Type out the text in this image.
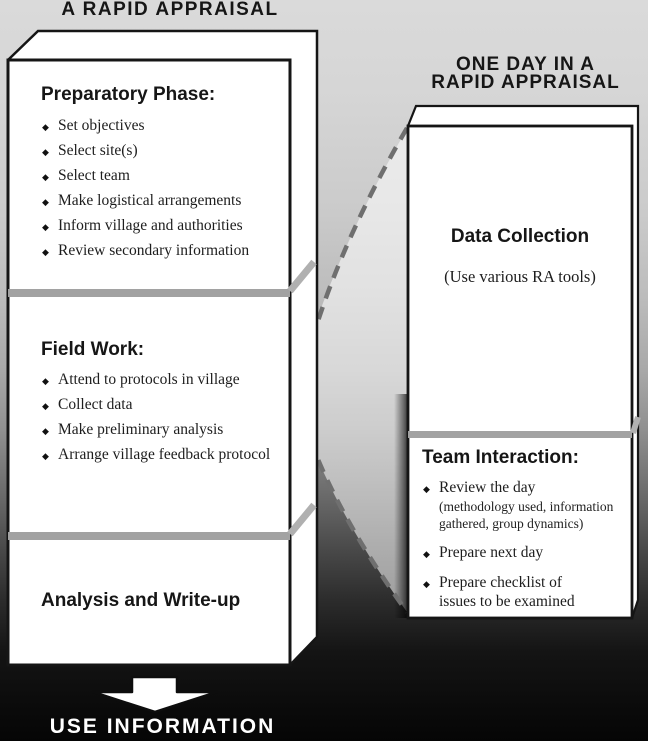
A RAPID APPRAISAL
Preparatory Phase:
◆
Set objectives
◆
Select site(s)
◆
Select team
◆
Make logistical arrangements
◆
Inform village and authorities
◆
Review secondary information
Field Work:
◆
Attend to protocols in village
◆
Collect data
◆
Make preliminary analysis
◆
Arrange village feedback protocol
Analysis and Write-up
ONE DAY IN A
RAPID APPRAISAL
Data Collection
(Use various RA tools)
Team Interaction:
◆
Review the day
(methodology used, information gathered, group dynamics)
◆
Prepare next day
◆
Prepare checklist of issues to be examined
USE INFORMATION
